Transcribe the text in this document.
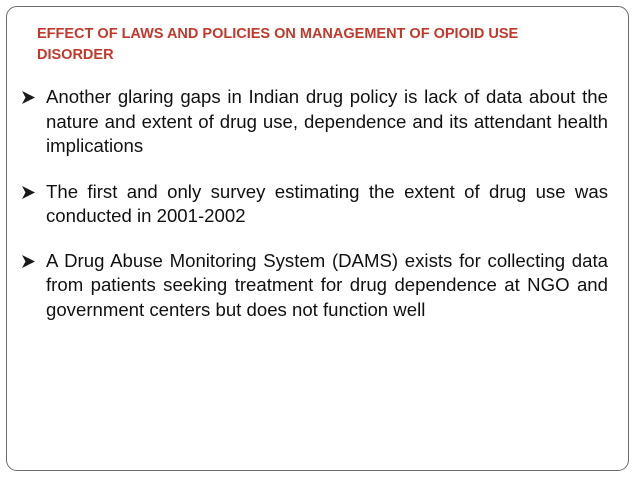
EFFECT OF LAWS AND POLICIES ON MANAGEMENT OF OPIOID USE DISORDER
Another glaring gaps in Indian drug policy is lack of data about the nature and extent of drug use, dependence and its attendant health implications
The first and only survey estimating the extent of drug use was conducted in 2001-2002
A Drug Abuse Monitoring System (DAMS) exists for collecting data from patients seeking treatment for drug dependence at NGO and government centers but does not function well
